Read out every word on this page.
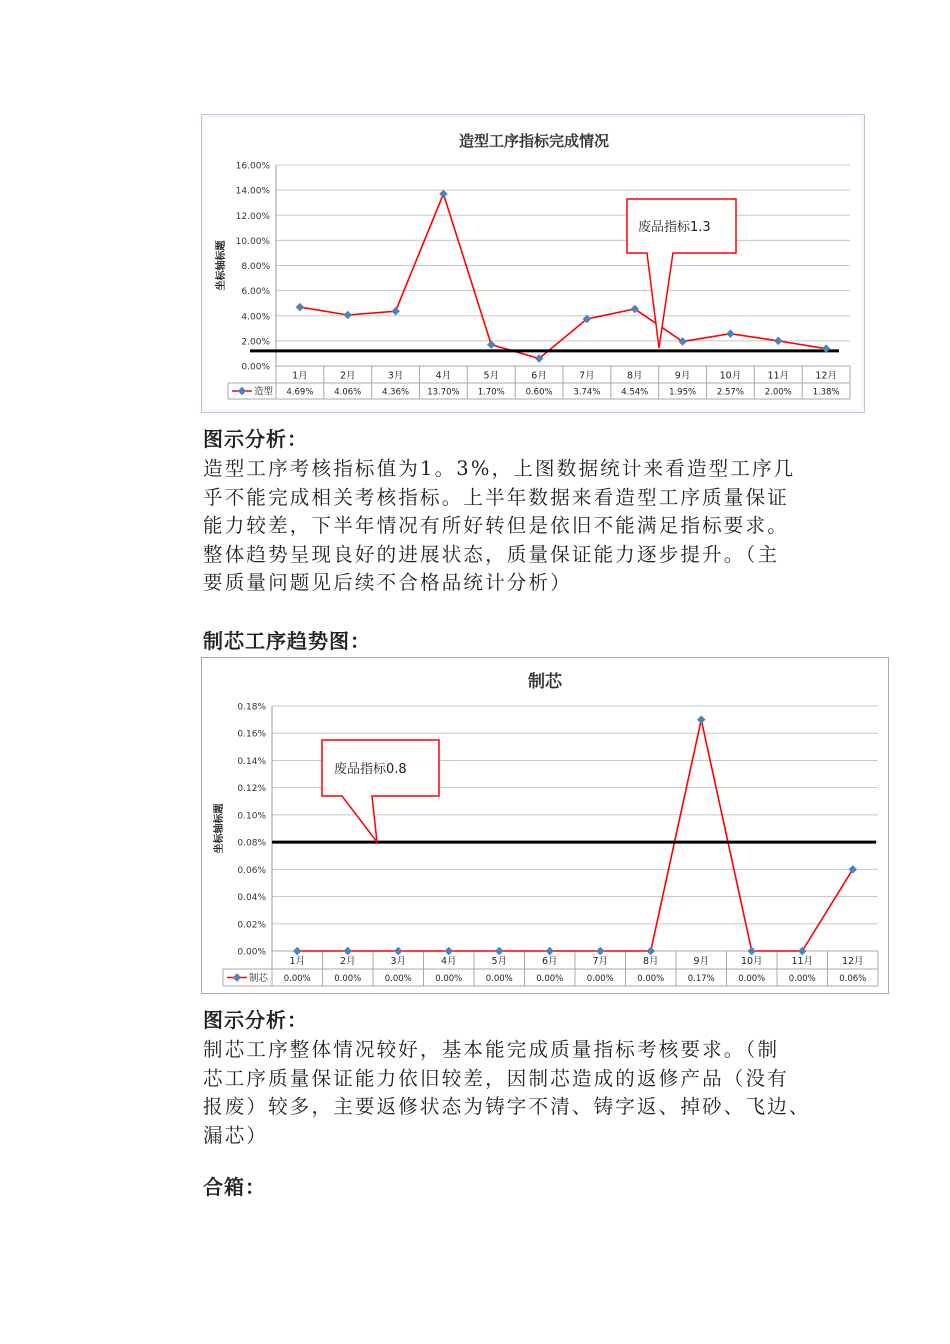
造型工序指标完成情况
0.00%
2.00%
4.00%
6.00%
8.00%
10.00%
12.00%
14.00%
16.00%
坐标轴标题
1月
4.69%
2月
4.06%
3月
4.36%
4月
13.70%
5月
1.70%
6月
0.60%
7月
3.74%
8月
4.54%
9月
1.95%
10月
2.57%
11月
2.00%
12月
1.38%
造型
废品指标1.3
图示分析：
造型工序考核指标值为1。3%，上图数据统计来看造型工序几
乎不能完成相关考核指标。上半年数据来看造型工序质量保证
能力较差，下半年情况有所好转但是依旧不能满足指标要求。
整体趋势呈现良好的进展状态，质量保证能力逐步提升。（主
要质量问题见后续不合格品统计分析）
制芯工序趋势图：
制芯
0.00%
0.02%
0.04%
0.06%
0.08%
0.10%
0.12%
0.14%
0.16%
0.18%
坐标轴标题
1月
0.00%
2月
0.00%
3月
0.00%
4月
0.00%
5月
0.00%
6月
0.00%
7月
0.00%
8月
0.00%
9月
0.17%
10月
0.00%
11月
0.00%
12月
0.06%
制芯
废品指标0.8
图示分析：
制芯工序整体情况较好，基本能完成质量指标考核要求。（制
芯工序质量保证能力依旧较差，因制芯造成的返修产品（没有
报废）较多，主要返修状态为铸字不清、铸字返、掉砂、飞边、
漏芯）
合箱：
